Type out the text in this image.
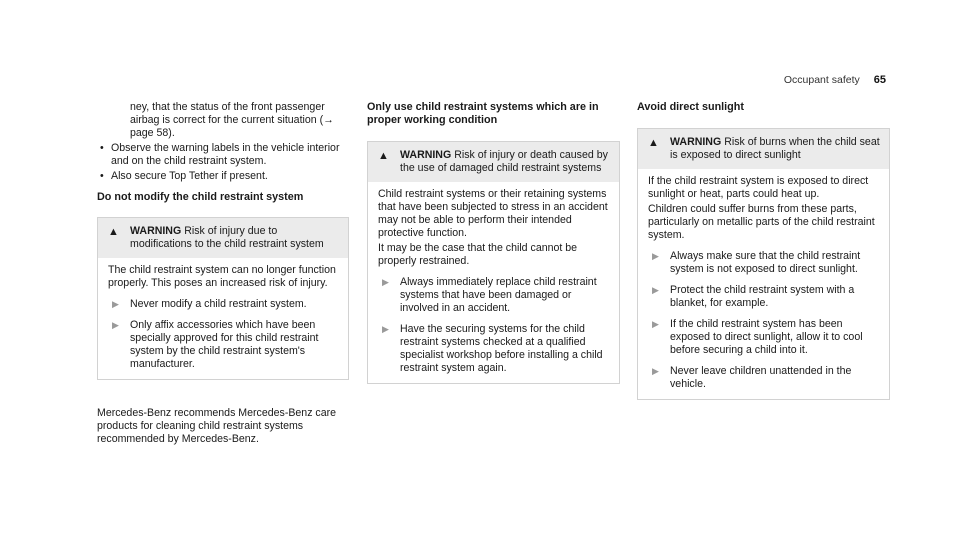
Occupant safety 65

ney, that the status of the front passenger airbag is correct for the current situation (→ page 58).

• Observe the warning labels in the vehicle interior and on the child restraint system.
• Also secure Top Tether if present.
Do not modify the child restraint system
▲	WARNING Risk of injury due to modifications to the child restraint system

The child restraint system can no longer function properly. This poses an increased risk of injury.

▶ Never modify a child restraint system.
▶ Only affix accessories which have been specially approved for this child restraint system by the child restraint system's manufacturer.

Mercedes-Benz recommends Mercedes-Benz care products for cleaning child restraint systems recommended by Mercedes-Benz.

Only use child restraint systems which are in proper working condition
▲	WARNING Risk of injury or death caused by the use of damaged child restraint systems

Child restraint systems or their retaining systems that have been subjected to stress in an accident may not be able to perform their intended protective function.

It may be the case that the child cannot be properly restrained.

▶ Always immediately replace child restraint systems that have been damaged or involved in an accident.
▶ Have the securing systems for the child restraint systems checked at a qualified specialist workshop before installing a child restraint system again.
Avoid direct sunlight
▲	WARNING Risk of burns when the child seat is exposed to direct sunlight

If the child restraint system is exposed to direct sunlight or heat, parts could heat up.

Children could suffer burns from these parts, particularly on metallic parts of the child restraint system.

▶ Always make sure that the child restraint system is not exposed to direct sunlight.
▶ Protect the child restraint system with a blanket, for example.
▶ If the child restraint system has been exposed to direct sunlight, allow it to cool before securing a child into it.
▶ Never leave children unattended in the vehicle.
